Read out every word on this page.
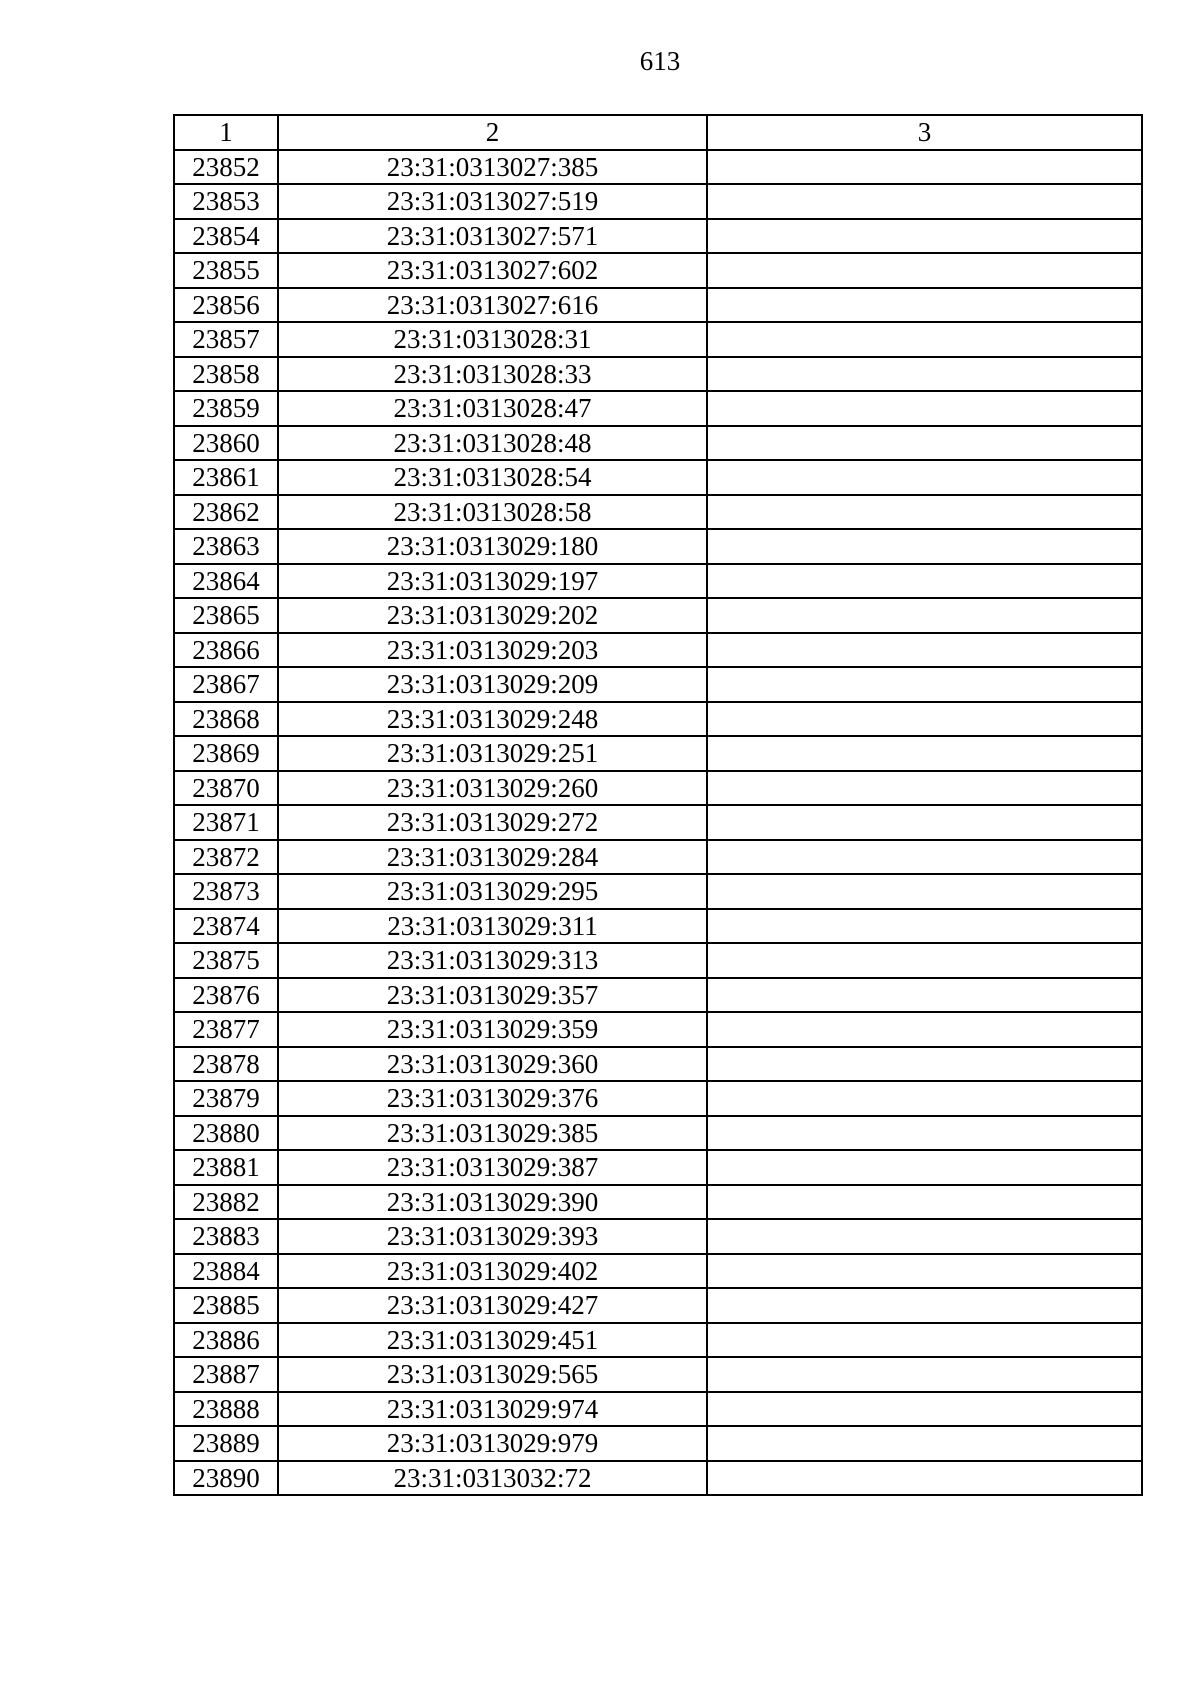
613
1	2	3
23852	23:31:0313027:385	
23853	23:31:0313027:519	
23854	23:31:0313027:571	
23855	23:31:0313027:602	
23856	23:31:0313027:616	
23857	23:31:0313028:31	
23858	23:31:0313028:33	
23859	23:31:0313028:47	
23860	23:31:0313028:48	
23861	23:31:0313028:54	
23862	23:31:0313028:58	
23863	23:31:0313029:180	
23864	23:31:0313029:197	
23865	23:31:0313029:202	
23866	23:31:0313029:203	
23867	23:31:0313029:209	
23868	23:31:0313029:248	
23869	23:31:0313029:251	
23870	23:31:0313029:260	
23871	23:31:0313029:272	
23872	23:31:0313029:284	
23873	23:31:0313029:295	
23874	23:31:0313029:311	
23875	23:31:0313029:313	
23876	23:31:0313029:357	
23877	23:31:0313029:359	
23878	23:31:0313029:360	
23879	23:31:0313029:376	
23880	23:31:0313029:385	
23881	23:31:0313029:387	
23882	23:31:0313029:390	
23883	23:31:0313029:393	
23884	23:31:0313029:402	
23885	23:31:0313029:427	
23886	23:31:0313029:451	
23887	23:31:0313029:565	
23888	23:31:0313029:974	
23889	23:31:0313029:979	
23890	23:31:0313032:72	
